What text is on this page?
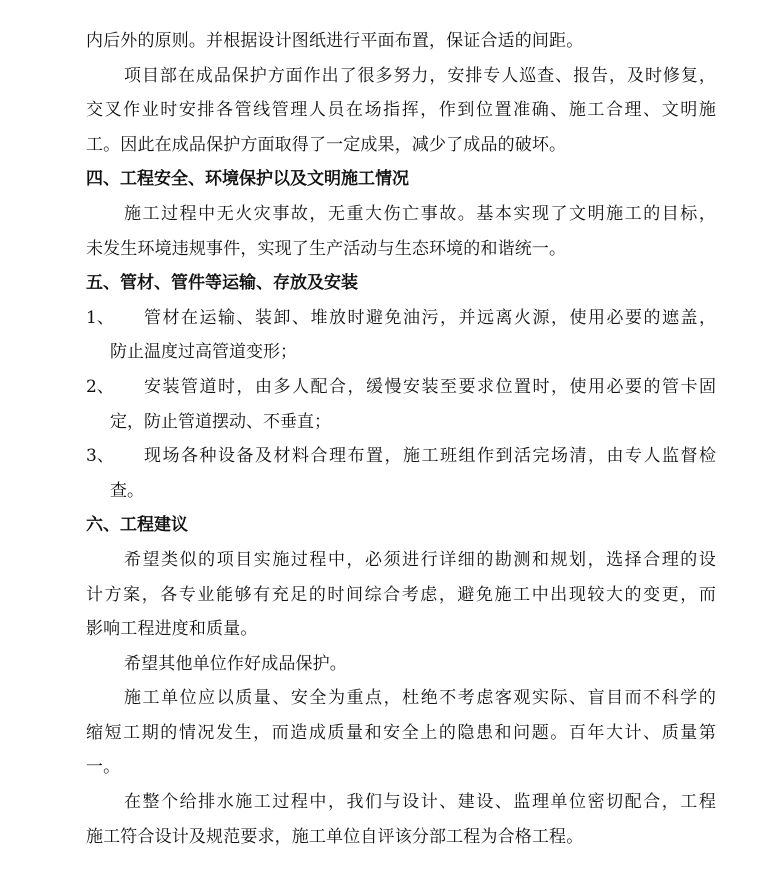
内后外的原则。并根据设计图纸进行平面布置，保证合适的间距。
项目部在成品保护方面作出了很多努力，安排专人巡查、报告，及时修复，
交叉作业时安排各管线管理人员在场指挥，作到位置准确、施工合理、文明施
工。因此在成品保护方面取得了一定成果，减少了成品的破坏。
四、工程安全、环境保护以及文明施工情况
施工过程中无火灾事故，无重大伤亡事故。基本实现了文明施工的目标，
未发生环境违规事件，实现了生产活动与生态环境的和谐统一。
五、管材、管件等运输、存放及安装
1、	管材在运输、装卸、堆放时避免油污，并远离火源，使用必要的遮盖，
防止温度过高管道变形；
2、	安装管道时，由多人配合，缓慢安装至要求位置时，使用必要的管卡固
定，防止管道摆动、不垂直；
3、	现场各种设备及材料合理布置，施工班组作到活完场清，由专人监督检
查。
六、工程建议
希望类似的项目实施过程中，必须进行详细的勘测和规划，选择合理的设
计方案，各专业能够有充足的时间综合考虑，避免施工中出现较大的变更，而
影响工程进度和质量。
希望其他单位作好成品保护。
施工单位应以质量、安全为重点，杜绝不考虑客观实际、盲目而不科学的
缩短工期的情况发生，而造成质量和安全上的隐患和问题。百年大计、质量第
一。
在整个给排水施工过程中，我们与设计、建设、监理单位密切配合，工程
施工符合设计及规范要求，施工单位自评该分部工程为合格工程。
